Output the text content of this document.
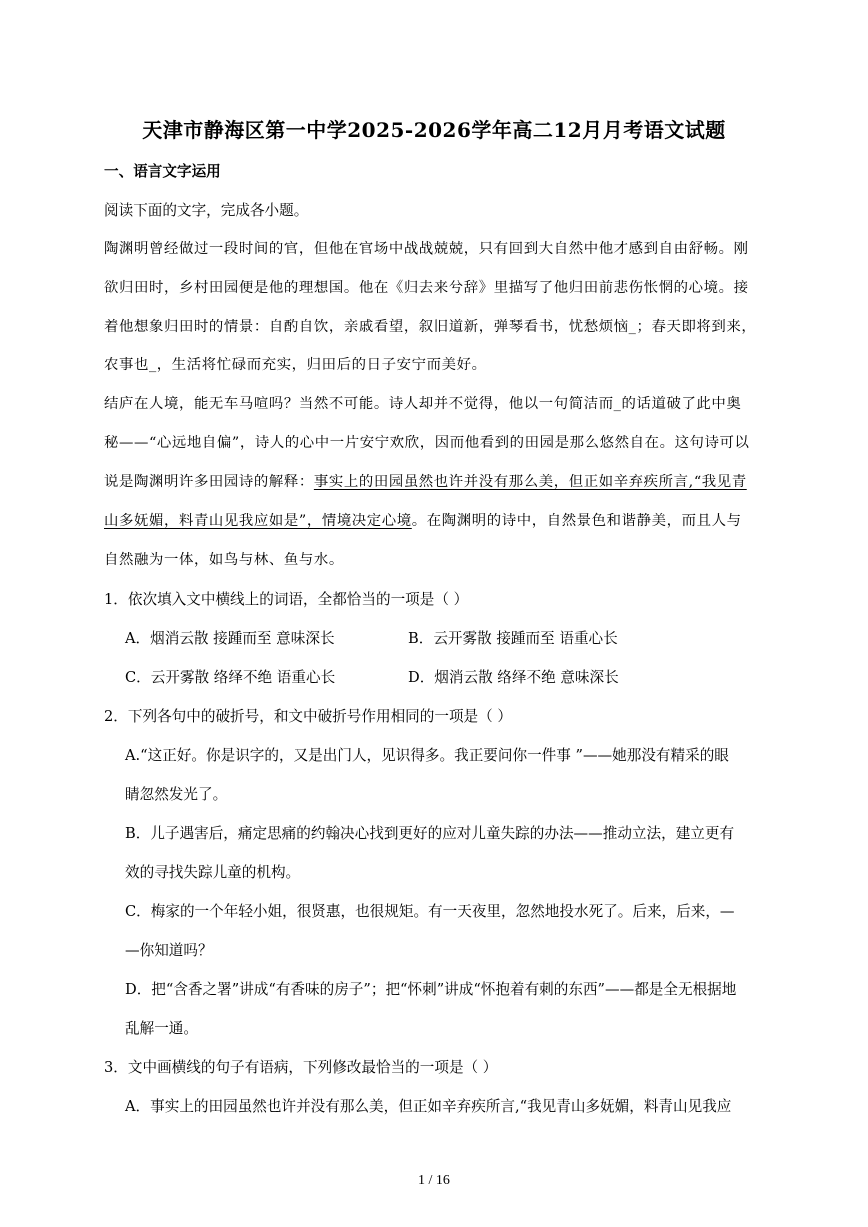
天津市静海区第一中学2025-2026学年高二12月月考语文试题
一、语言文字运用
阅读下面的文字，完成各小题。
陶渊明曾经做过一段时间的官，但他在官场中战战兢兢，只有回到大自然中他才感到自由舒畅。刚
欲归田时，乡村田园便是他的理想国。他在《归去来兮辞》里描写了他归田前悲伤怅惘的心境。接
着他想象归田时的情景：自酌自饮，亲戚看望，叙旧道新，弹琴看书，忧愁烦恼_；春天即将到来，
农事也_，生活将忙碌而充实，归田后的日子安宁而美好。
结庐在人境，能无车马喧吗？当然不可能。诗人却并不觉得，他以一句简洁而_的话道破了此中奥
秘——“心远地自偏”，诗人的心中一片安宁欢欣，因而他看到的田园是那么悠然自在。这句诗可以
说是陶渊明许多田园诗的解释：事实上的田园虽然也许并没有那么美，但正如辛弃疾所言,“我见青
山多妩媚，料青山见我应如是”，情境决定心境。在陶渊明的诗中，自然景色和谐静美，而且人与
自然融为一体，如鸟与林、鱼与水。
1．依次填入文中横线上的词语，全都恰当的一项是（ ）
A．烟消云散 接踵而至 意味深长	B．云开雾散 接踵而至 语重心长
C．云开雾散 络绎不绝 语重心长	D．烟消云散 络绎不绝 意味深长
2．下列各句中的破折号，和文中破折号作用相同的一项是（ ）
A.“这正好。你是识字的，又是出门人，见识得多。我正要问你一件事 ”——她那没有精采的眼
睛忽然发光了。
B．儿子遇害后，痛定思痛的约翰决心找到更好的应对儿童失踪的办法——推动立法，建立更有
效的寻找失踪儿童的机构。
C．梅家的一个年轻小姐，很贤惠，也很规矩。有一天夜里，忽然地投水死了。后来，后来，—
—你知道吗？
D．把“含香之署”讲成“有香味的房子”；把“怀刺”讲成“怀抱着有刺的东西”——都是全无根据地
乱解一通。
3．文中画横线的句子有语病，下列修改最恰当的一项是（ ）
A．事实上的田园虽然也许并没有那么美，但正如辛弃疾所言,“我见青山多妩媚，料青山见我应
1 / 16
